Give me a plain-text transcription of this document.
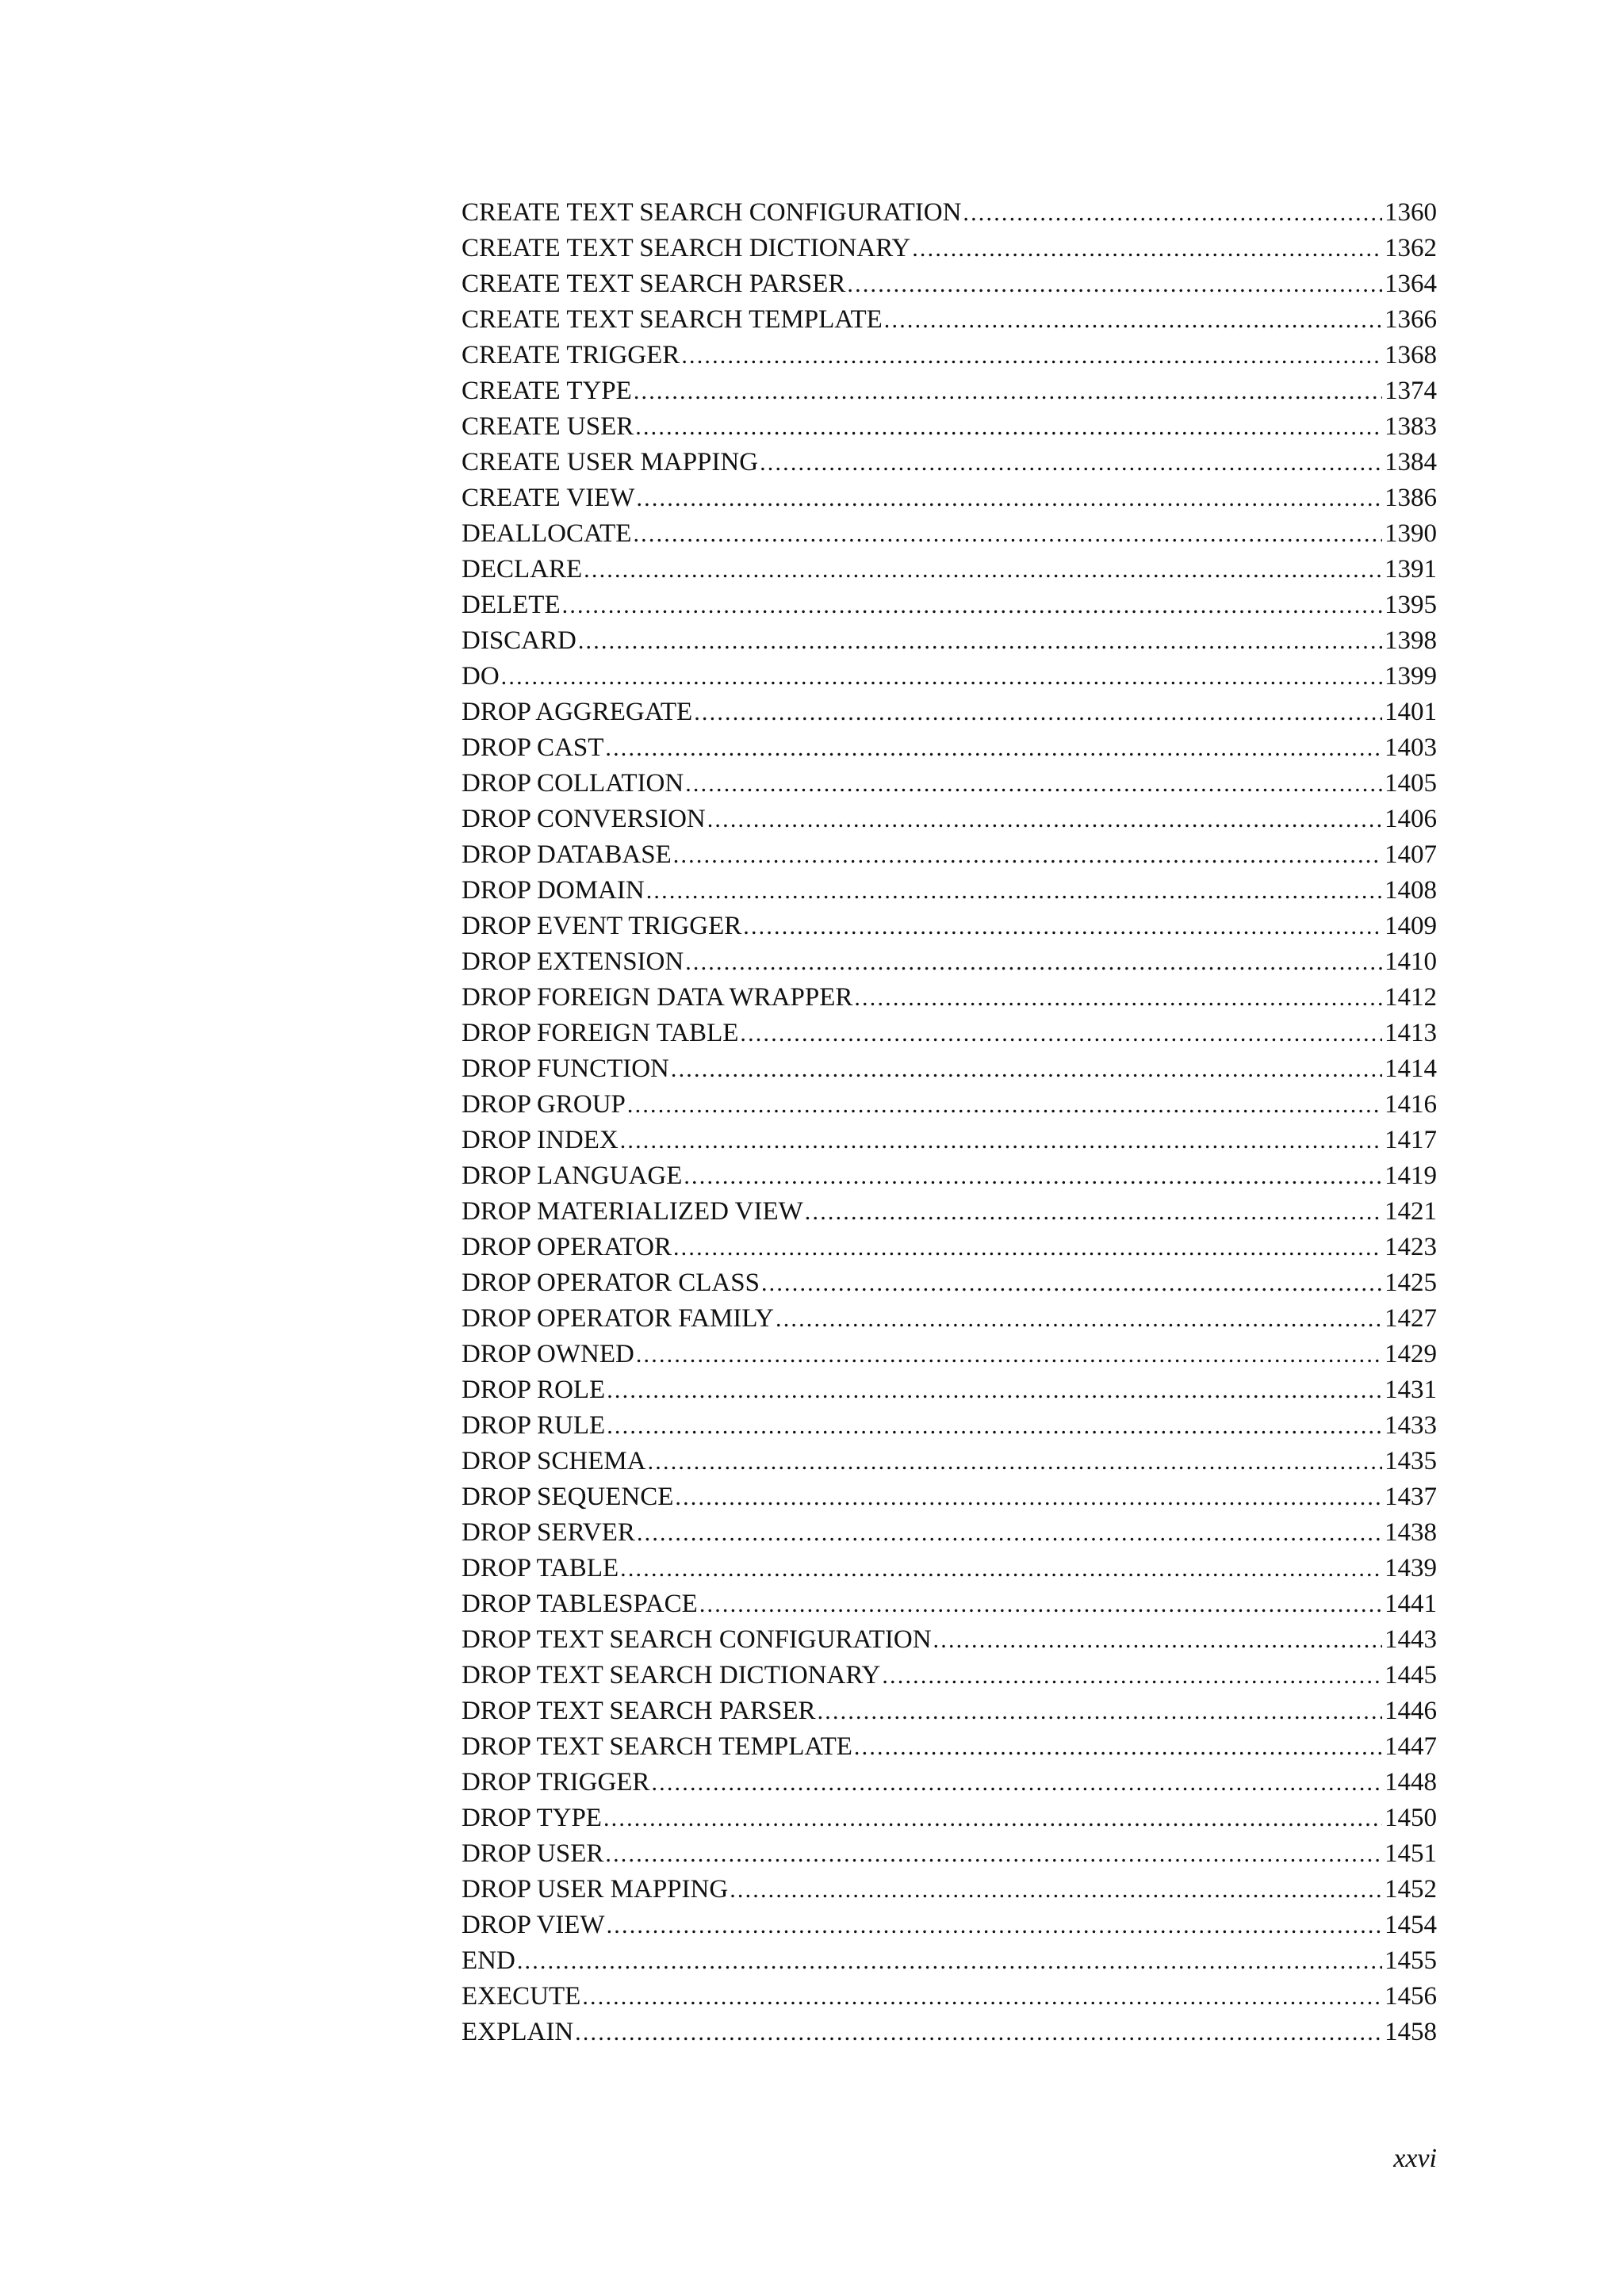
CREATE TEXT SEARCH CONFIGURATION .....	1360
CREATE TEXT SEARCH DICTIONARY .....	1362
CREATE TEXT SEARCH PARSER .....	1364
CREATE TEXT SEARCH TEMPLATE .....	1366
CREATE TRIGGER .....	1368
CREATE TYPE .....	1374
CREATE USER .....	1383
CREATE USER MAPPING .....	1384
CREATE VIEW .....	1386
DEALLOCATE .....	1390
DECLARE .....	1391
DELETE .....	1395
DISCARD .....	1398
DO .....	1399
DROP AGGREGATE .....	1401
DROP CAST .....	1403
DROP COLLATION .....	1405
DROP CONVERSION .....	1406
DROP DATABASE .....	1407
DROP DOMAIN .....	1408
DROP EVENT TRIGGER .....	1409
DROP EXTENSION .....	1410
DROP FOREIGN DATA WRAPPER .....	1412
DROP FOREIGN TABLE .....	1413
DROP FUNCTION .....	1414
DROP GROUP .....	1416
DROP INDEX .....	1417
DROP LANGUAGE .....	1419
DROP MATERIALIZED VIEW .....	1421
DROP OPERATOR .....	1423
DROP OPERATOR CLASS .....	1425
DROP OPERATOR FAMILY .....	1427
DROP OWNED .....	1429
DROP ROLE .....	1431
DROP RULE .....	1433
DROP SCHEMA .....	1435
DROP SEQUENCE .....	1437
DROP SERVER .....	1438
DROP TABLE .....	1439
DROP TABLESPACE .....	1441
DROP TEXT SEARCH CONFIGURATION .....	1443
DROP TEXT SEARCH DICTIONARY .....	1445
DROP TEXT SEARCH PARSER .....	1446
DROP TEXT SEARCH TEMPLATE .....	1447
DROP TRIGGER .....	1448
DROP TYPE .....	1450
DROP USER .....	1451
DROP USER MAPPING .....	1452
DROP VIEW .....	1454
END .....	1455
EXECUTE .....	1456
EXPLAIN .....	1458
xxvi
